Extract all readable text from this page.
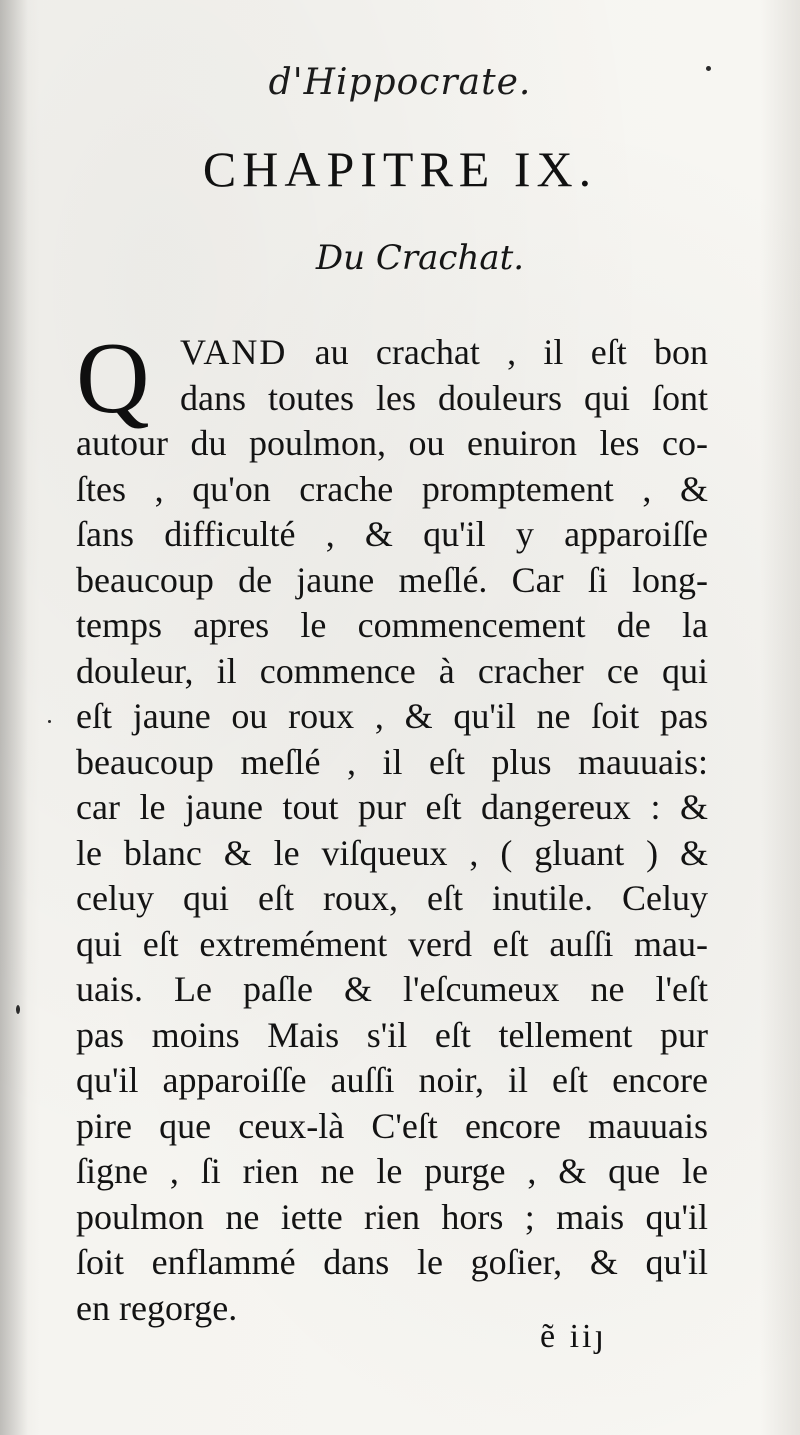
d'Hippocrate.
CHAPITRE IX.
Du Crachat.
Q VAND au crachat , il eſt bon
dans toutes les douleurs qui ſont
autour du poulmon, ou enuiron les co-
ſtes , qu'on crache promptement , &
ſans difficulté , & qu'il y apparoiſſe
beaucoup de jaune meſlé. Car ſi long-
temps apres le commencement de la
douleur, il commence à cracher ce qui
eſt jaune ou roux , & qu'il ne ſoit pas
beaucoup meſlé , il eſt plus mauuais:
car le jaune tout pur eſt dangereux : &
le blanc & le viſqueux , ( gluant ) &
celuy qui eſt roux, eſt inutile. Celuy
qui eſt extremément verd eſt auſſi mau-
uais. Le paſle & l'eſcumeux ne l'eſt
pas moins Mais s'il eſt tellement pur
qu'il apparoiſſe auſſi noir, il eſt encore
pire que ceux-là C'eſt encore mauuais
ſigne , ſi rien ne le purge , & que le
poulmon ne iette rien hors ; mais qu'il
ſoit enflammé dans le goſier, & qu'il
en regorge.
ẽ iiȷ
